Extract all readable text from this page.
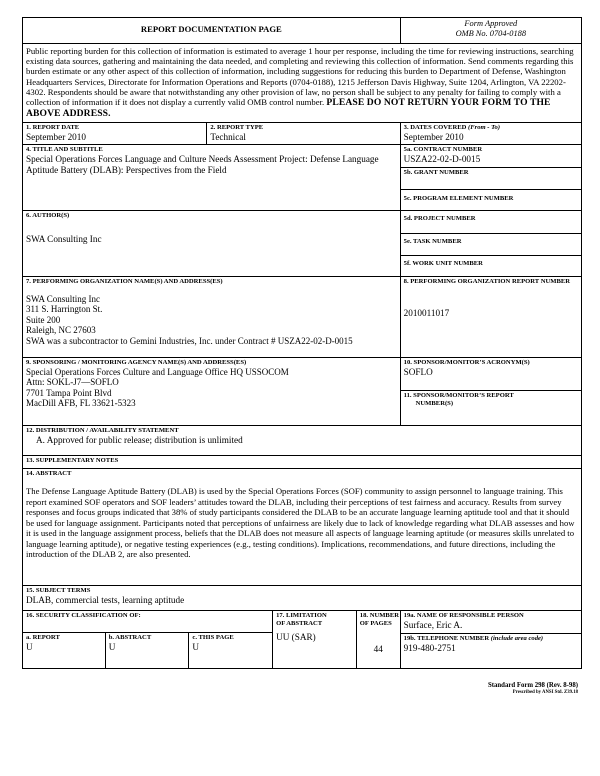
REPORT DOCUMENTATION PAGE
Form Approved
OMB No. 0704-0188
Public reporting burden for this collection of information is estimated to average 1 hour per response, including the time for reviewing instructions, searching existing data sources, gathering and maintaining the data needed, and completing and reviewing this collection of information. Send comments regarding this burden estimate or any other aspect of this collection of information, including suggestions for reducing this burden to Department of Defense, Washington Headquarters Services, Directorate for Information Operations and Reports (0704-0188), 1215 Jefferson Davis Highway, Suite 1204, Arlington, VA 22202-4302. Respondents should be aware that notwithstanding any other provision of law, no person shall be subject to any penalty for failing to comply with a collection of information if it does not display a currently valid OMB control number. PLEASE DO NOT RETURN YOUR FORM TO THE ABOVE ADDRESS.
1. REPORT DATE
September 2010
2. REPORT TYPE
Technical
3. DATES COVERED (From - To)
September 2010
4. TITLE AND SUBTITLE
Special Operations Forces Language and Culture Needs Assessment Project: Defense Language Aptitude Battery (DLAB): Perspectives from the Field
5a. CONTRACT NUMBER
USZA22-02-D-0015
5b. GRANT NUMBER
5c. PROGRAM ELEMENT NUMBER
6. AUTHOR(S)
SWA Consulting Inc
5d. PROJECT NUMBER
5e. TASK NUMBER
5f. WORK UNIT NUMBER
7. PERFORMING ORGANIZATION NAME(S) AND ADDRESS(ES)
SWA Consulting Inc
311 S. Harrington St.
Suite 200
Raleigh, NC 27603
SWA was a subcontractor to Gemini Industries, Inc. under Contract # USZA22-02-D-0015
8. PERFORMING ORGANIZATION REPORT NUMBER
2010011017
9. SPONSORING / MONITORING AGENCY NAME(S) AND ADDRESS(ES)
Special Operations Forces Culture and Language Office HQ USSOCOM
Attn: SOKL-J7—SOFLO
7701 Tampa Point Blvd
MacDill AFB, FL 33621-5323
10. SPONSOR/MONITOR’S ACRONYM(S)
SOFLO
11. SPONSOR/MONITOR’S REPORT
NUMBER(S)
12. DISTRIBUTION / AVAILABILITY STATEMENT
A. Approved for public release; distribution is unlimited
13. SUPPLEMENTARY NOTES
14. ABSTRACT
The Defense Language Aptitude Battery (DLAB) is used by the Special Operations Forces (SOF) community to assign personnel to language training. This report examined SOF operators and SOF leaders’ attitudes toward the DLAB, including their perceptions of test fairness and accuracy. Results from survey responses and focus groups indicated that 38% of study participants considered the DLAB to be an accurate language learning aptitude tool and that it should be used for language assignment. Participants noted that perceptions of unfairness are likely due to lack of knowledge regarding what DLAB assesses and how it is used in the language assignment process, beliefs that the DLAB does not measure all aspects of language learning aptitude (or measures skills unrelated to language learning aptitude), or negative testing experiences (e.g., testing conditions). Implications, recommendations, and future directions, including the introduction of the DLAB 2, are also presented.
15. SUBJECT TERMS
DLAB, commercial tests, learning aptitude
16. SECURITY CLASSIFICATION OF:
a. REPORT
U
b. ABSTRACT
U
c. THIS PAGE
U
17. LIMITATION
OF ABSTRACT
UU (SAR)
18. NUMBER
OF PAGES
44
19a. NAME OF RESPONSIBLE PERSON
Surface, Eric A.
19b. TELEPHONE NUMBER (include area code)
919-480-2751
Standard Form 298 (Rev. 8-98)
Prescribed by ANSI Std. Z39.18
